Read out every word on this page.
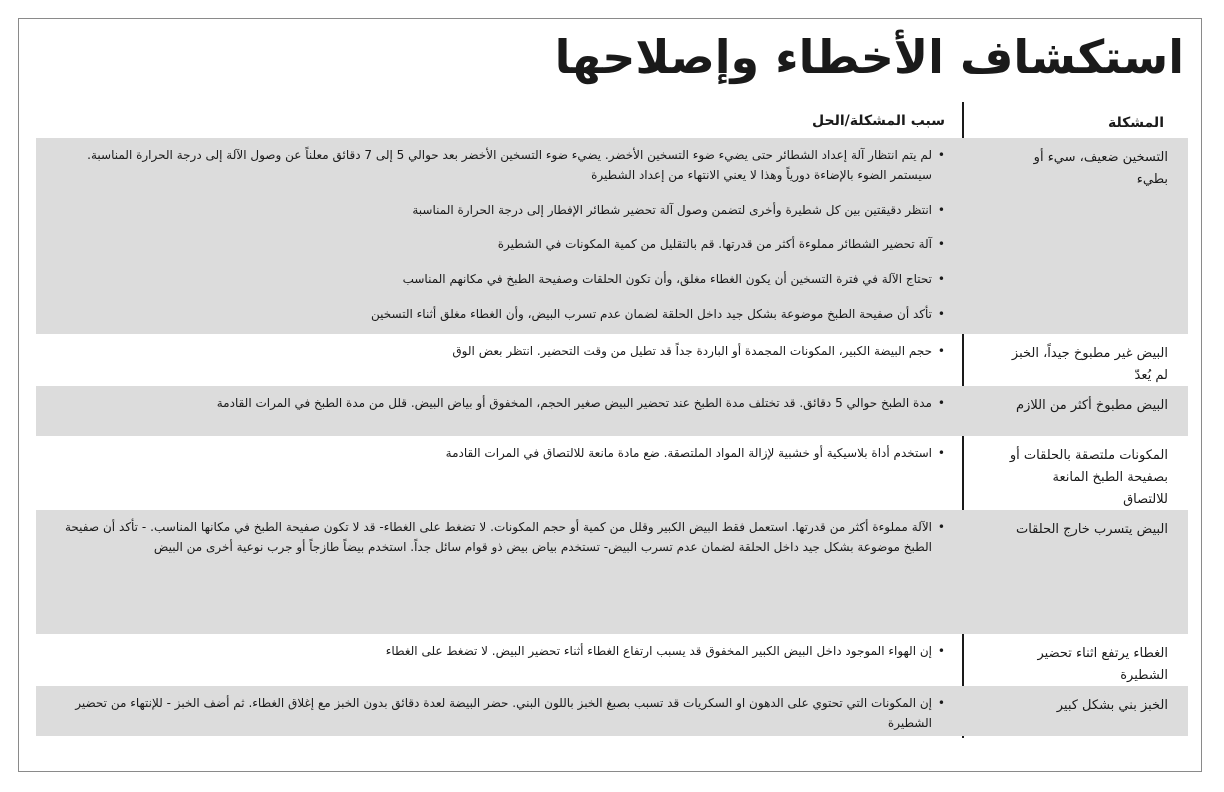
استكشاف الأخطاء وإصلاحها
المشكلة
سبب المشكلة/الحل
التسخين ضعيف، سيء أو بطيء
• لم يتم انتظار آلة إعداد الشطائر حتى يضيء ضوء التسخين الأخضر. يضيء ضوء التسخين الأخضر بعد حوالي 5 إلى 7 دقائق معلناً عن وصول الآلة إلى درجة الحرارة المناسبة. سيستمر الضوء بالإضاءة دورياً وهذا لا يعني الانتهاء من إعداد الشطيرة
• انتظر دقيقتين بين كل شطيرة وأخرى لتضمن وصول آلة تحضير شطائر الإفطار إلى درجة الحرارة المناسبة
• آلة تحضير الشطائر مملوءة أكثر من قدرتها. قم بالتقليل من كمية المكونات في الشطيرة
• تحتاج الآلة في فترة التسخين أن يكون الغطاء مغلق، وأن تكون الحلقات وصفيحة الطبخ في مكانهم المناسب
• تأكد أن صفيحة الطبخ موضوعة بشكل جيد داخل الحلقة لضمان عدم تسرب البيض، وأن الغطاء مغلق أثناء التسخين
البيض غير مطبوخ جيداً، الخبز لم يُعدّ
• حجم البيضة الكبير، المكونات المجمدة أو الباردة جداً قد تطيل من وقت التحضير. انتظر بعض الوق
البيض مطبوخ أكثر من اللازم
• مدة الطبخ حوالي 5 دقائق. قد تختلف مدة الطبخ عند تحضير البيض صغير الحجم، المخفوق أو بياض البيض. قلل من مدة الطبخ في المرات القادمة
المكونات ملتصقة بالحلقات أو بصفيحة الطبخ المانعة للالتصاق
• استخدم أداة بلاسيكية أو خشبية لإزالة المواد الملتصقة. ضع مادة مانعة للالتصاق في المرات القادمة
البيض يتسرب خارج الحلقات
• الآلة مملوءة أكثر من قدرتها. استعمل فقط البيض الكبير وقلل من كمية أو حجم المكونات. لا تضغط على الغطاء- قد لا تكون صفيحة الطبخ في مكانها المناسب. - تأكد أن صفيحة الطبخ موضوعة بشكل جيد داخل الحلقة لضمان عدم تسرب البيض- تستخدم بياض بيض ذو قوام سائل جداً. استخدم بيضاً طازجاً أو جرب نوعية أخرى من البيض
الغطاء يرتفع اثناء تحضير الشطيرة
• إن الهواء الموجود داخل البيض الكبير المخفوق قد يسبب ارتفاع الغطاء أثناء تحضير البيض. لا تضغط على الغطاء
الخبز بني بشكل كبير
• إن المكونات التي تحتوي على الدهون او السكريات قد تسبب بصبغ الخبز باللون البني. حضر البيضة لعدة دقائق بدون الخبز مع إغلاق الغطاء. ثم أضف الخبز - للإنتهاء من تحضير الشطيرة
